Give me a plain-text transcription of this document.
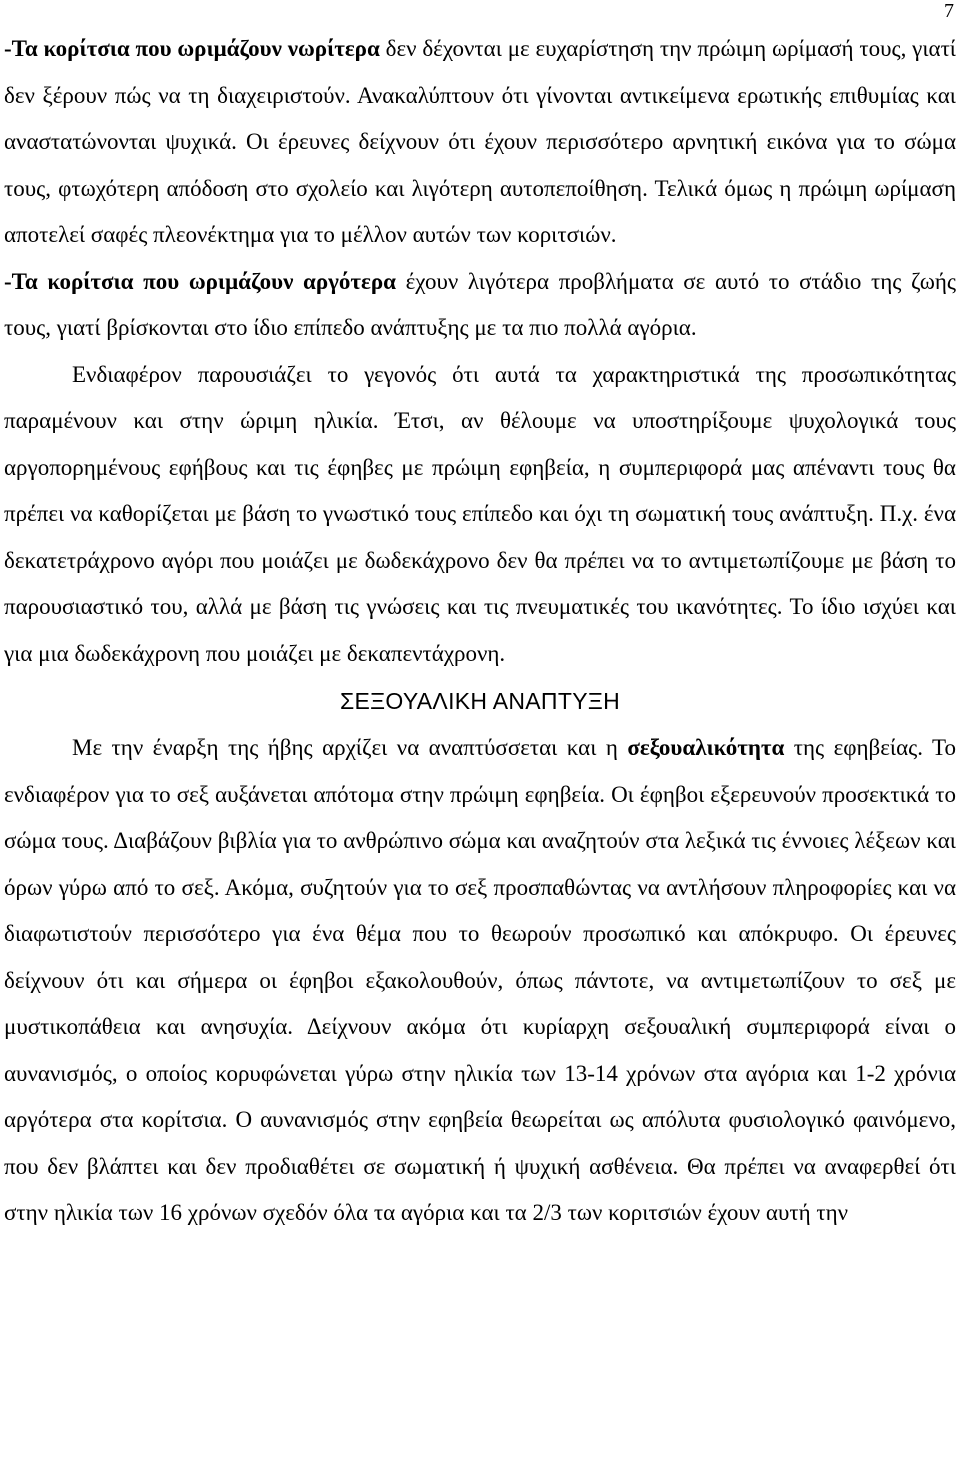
7

-Τα κορίτσια που ωριμάζουν νωρίτερα δεν δέχονται με ευχαρίστηση την πρώιμη ωρίμασή τους, γιατί δεν ξέρουν πώς να τη διαχειριστούν. Ανακαλύπτουν ότι γίνονται αντικείμενα ερωτικής επιθυμίας και αναστατώνονται ψυχικά. Οι έρευνες δείχνουν ότι έχουν περισσότερο αρνητική εικόνα για το σώμα τους, φτωχότερη απόδοση στο σχολείο και λιγότερη αυτοπεποίθηση. Τελικά όμως η πρώιμη ωρίμαση αποτελεί σαφές πλεονέκτημα για το μέλλον αυτών των κοριτσιών.

-Τα κορίτσια που ωριμάζουν αργότερα έχουν λιγότερα προβλήματα σε αυτό το στάδιο της ζωής τους, γιατί βρίσκονται στο ίδιο επίπεδο ανάπτυξης με τα πιο πολλά αγόρια.

Ενδιαφέρον παρουσιάζει το γεγονός ότι αυτά τα χαρακτηριστικά της προσωπικότητας παραμένουν και στην ώριμη ηλικία. Έτσι, αν θέλουμε να υποστηρίξουμε ψυχολογικά τους αργοπορημένους εφήβους και τις έφηβες με πρώιμη εφηβεία, η συμπεριφορά μας απέναντι τους θα πρέπει να καθορίζεται με βάση το γνωστικό τους επίπεδο και όχι τη σωματική τους ανάπτυξη. Π.χ. ένα δεκατετράχρονο αγόρι που μοιάζει με δωδεκάχρονο δεν θα πρέπει να το αντιμετωπίζουμε με βάση το παρουσιαστικό του, αλλά με βάση τις γνώσεις και τις πνευματικές του ικανότητες. Το ίδιο ισχύει και για μια δωδεκάχρονη που μοιάζει με δεκαπεντάχρονη.

ΣΕΞΟΥΑΛΙΚΗ ΑΝΑΠΤΥΞΗ

Με την έναρξη της ήβης αρχίζει να αναπτύσσεται και η σεξουαλικότητα της εφηβείας. Το ενδιαφέρον για το σεξ αυξάνεται απότομα στην πρώιμη εφηβεία. Οι έφηβοι εξερευνούν προσεκτικά το σώμα τους. Διαβάζουν βιβλία για το ανθρώπινο σώμα και αναζητούν στα λεξικά τις έννοιες λέξεων και όρων γύρω από το σεξ. Ακόμα, συζητούν για το σεξ προσπαθώντας να αντλήσουν πληροφορίες και να διαφωτιστούν περισσότερο για ένα θέμα που το θεωρούν προσωπικό και απόκρυφο. Οι έρευνες δείχνουν ότι και σήμερα οι έφηβοι εξακολουθούν, όπως πάντοτε, να αντιμετωπίζουν το σεξ με μυστικοπάθεια και ανησυχία. Δείχνουν ακόμα ότι κυρίαρχη σεξουαλική συμπεριφορά είναι ο αυνανισμός, ο οποίος κορυφώνεται γύρω στην ηλικία των 13-14 χρόνων στα αγόρια και 1-2 χρόνια αργότερα στα κορίτσια. Ο αυνανισμός στην εφηβεία θεωρείται ως απόλυτα φυσιολογικό φαινόμενο, που δεν βλάπτει και δεν προδιαθέτει σε σωματική ή ψυχική ασθένεια. Θα πρέπει να αναφερθεί ότι στην ηλικία των 16 χρόνων σχεδόν όλα τα αγόρια και τα 2/3 των κοριτσιών έχουν αυτή την
